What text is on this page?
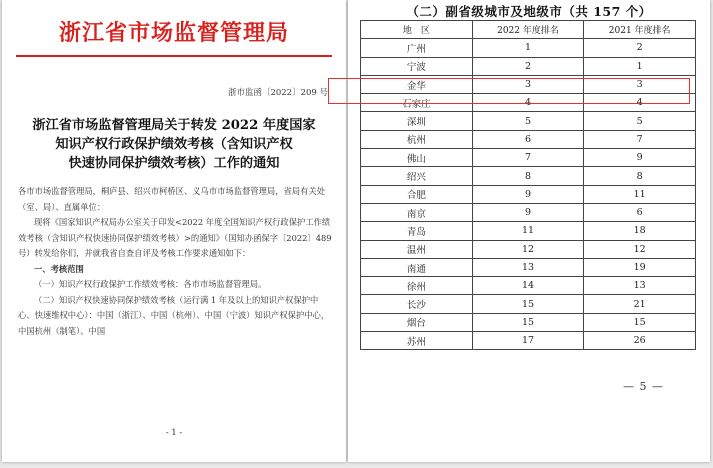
浙江省市场监督管理局
浙市监函〔2022〕209 号
浙江省市场监督管理局关于转发 2022 年度国家
知识产权行政保护绩效考核（含知识产权
快速协同保护绩效考核）工作的通知

各市市场监督管理局，桐庐县、绍兴市柯桥区、义乌市市场监督管理局，省局有关处（室、局）、直属单位：

现将《国家知识产权局办公室关于印发<2022 年度全国知识产权行政保护工作绩效考核（含知识产权快速协同保护绩效考核）>的通知》（国知办函保字〔2022〕489 号）转发给你们，并就我省自查自评及考核工作要求通知如下：

一、考核范围

（一）知识产权行政保护工作绩效考核：各市市场监督管理局。

（二）知识产权快速协同保护绩效考核（运行满 1 年及以上的知识产权保护中心、快速维权中心）：中国（浙江）、中国（杭州）、中国（宁波）知识产权保护中心，中国杭州（制笔）、中国

- 1 -
（二）副省级城市及地级市（共 157 个）
地　区	2022 年度排名	2021 年度排名
广州	1	2
宁波	2	1
金华	3	3
石家庄	4	4
深圳	5	5
杭州	6	7
佛山	7	9
绍兴	8	8
合肥	9	11
南京	9	6
青岛	11	18
温州	12	12
南通	13	19
徐州	14	13
长沙	15	21
烟台	15	15
苏州	17	26
— 5 —
